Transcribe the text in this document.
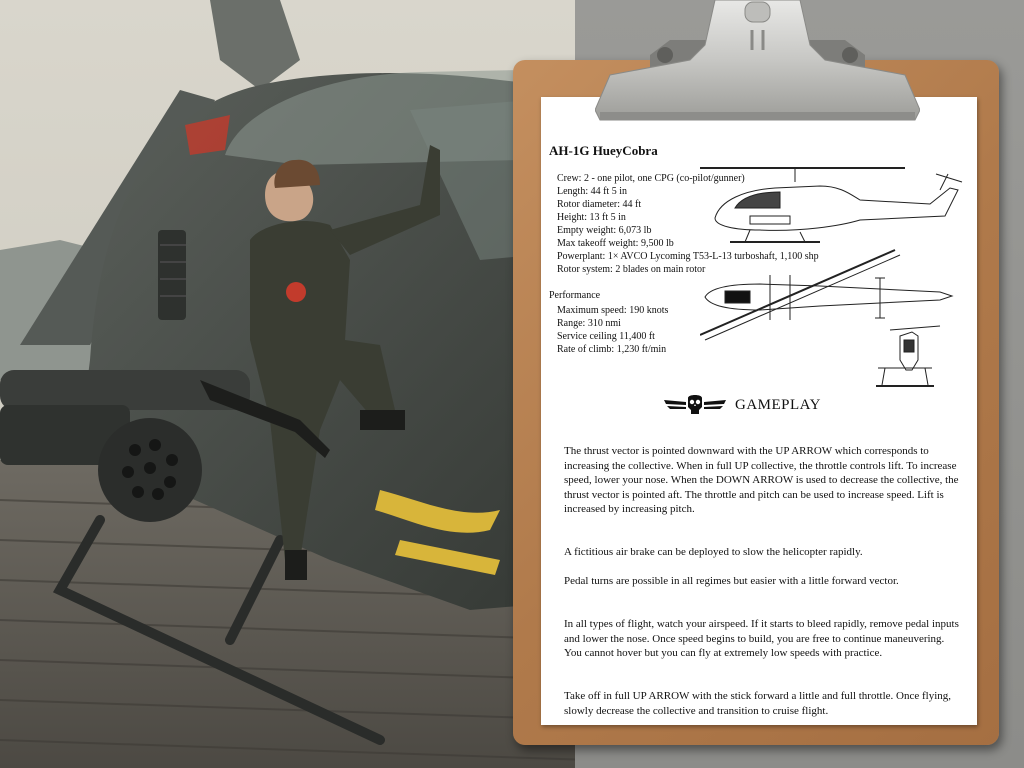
AH-1G HueyCobra
Crew: 2 - one pilot, one CPG (co-pilot/gunner)
Length: 44 ft 5 in
Rotor diameter: 44 ft
Height: 13 ft 5 in
Empty weight: 6,073 lb
Max takeoff weight: 9,500 lb
Powerplant: 1× AVCO Lycoming T53-L-13 turboshaft, 1,100 shp
Rotor system: 2 blades on main rotor
Performance
Maximum speed: 190 knots
Range: 310 nmi
Service ceiling 11,400 ft
Rate of climb: 1,230 ft/min
GAMEPLAY
The thrust vector is pointed downward with the UP ARROW which corresponds to increasing the collective. When in full UP collective, the throttle controls lift. To increase speed, lower your nose. When the DOWN ARROW is used to decrease the collective, the thrust vector is pointed aft. The throttle and pitch can be used to increase speed. Lift is increased by increasing pitch.
A fictitious air brake can be deployed to slow the helicopter rapidly.
Pedal turns are possible in all regimes but easier with a little forward vector.
In all types of flight, watch your airspeed. If it starts to bleed rapidly, remove pedal inputs and lower the nose. Once speed begins to build, you are free to continue maneuvering. You cannot hover but you can fly at extremely low speeds with practice.
Take off in full UP ARROW with the stick forward a little and full throttle. Once flying, slowly decrease the collective and transition to cruise flight.
